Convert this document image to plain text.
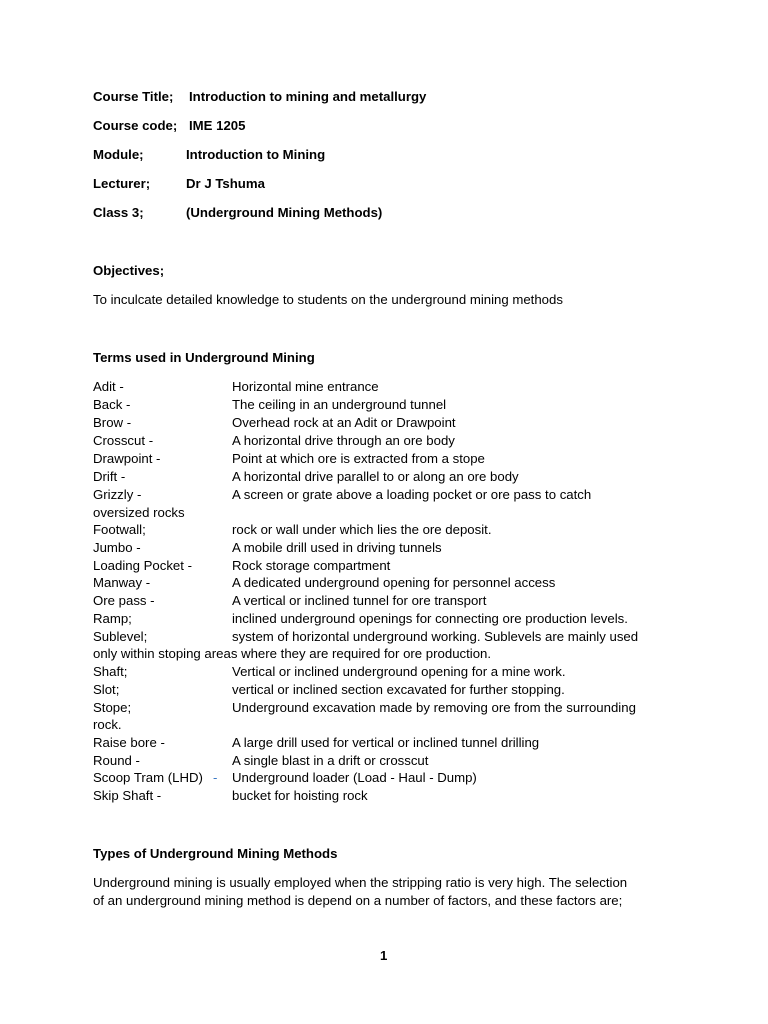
Course Title; Introduction to mining and metallurgy
Course code; IME 1205
Module;	Introduction to Mining
Lecturer;	Dr J Tshuma
Class 3;	(Underground Mining Methods)
Objectives;
To inculcate detailed knowledge to students on the underground mining methods
Terms used in Underground Mining
Adit -	Horizontal mine entrance
Back -	The ceiling in an underground tunnel
Brow -	Overhead rock at an Adit or Drawpoint
Crosscut -	A horizontal drive through an ore body
Drawpoint -	Point at which ore is extracted from a stope
Drift -	A horizontal drive parallel to or along an ore body
Grizzly -	A screen or grate above a loading pocket or ore pass to catch
oversized rocks
Footwall;	rock or wall under which lies the ore deposit.
Jumbo -	A mobile drill used in driving tunnels
Loading Pocket -	Rock storage compartment
Manway -	A dedicated underground opening for personnel access
Ore pass -	A vertical or inclined tunnel for ore transport
Ramp;	inclined underground openings for connecting ore production levels.
Sublevel;	system of horizontal underground working. Sublevels are mainly used
only within stoping areas where they are required for ore production.
Shaft;	Vertical or inclined underground opening for a mine work.
Slot;	vertical or inclined section excavated for further stopping.
Stope;	Underground excavation made by removing ore from the surrounding
rock.
Raise bore -	A large drill used for vertical or inclined tunnel drilling
Round -	A single blast in a drift or crosscut
Scoop Tram (LHD) - Underground loader (Load - Haul - Dump)
Skip Shaft -	bucket for hoisting rock
Types of Underground Mining Methods
Underground mining is usually employed when the stripping ratio is very high. The selection
of an underground mining method is depend on a number of factors, and these factors are;
1
